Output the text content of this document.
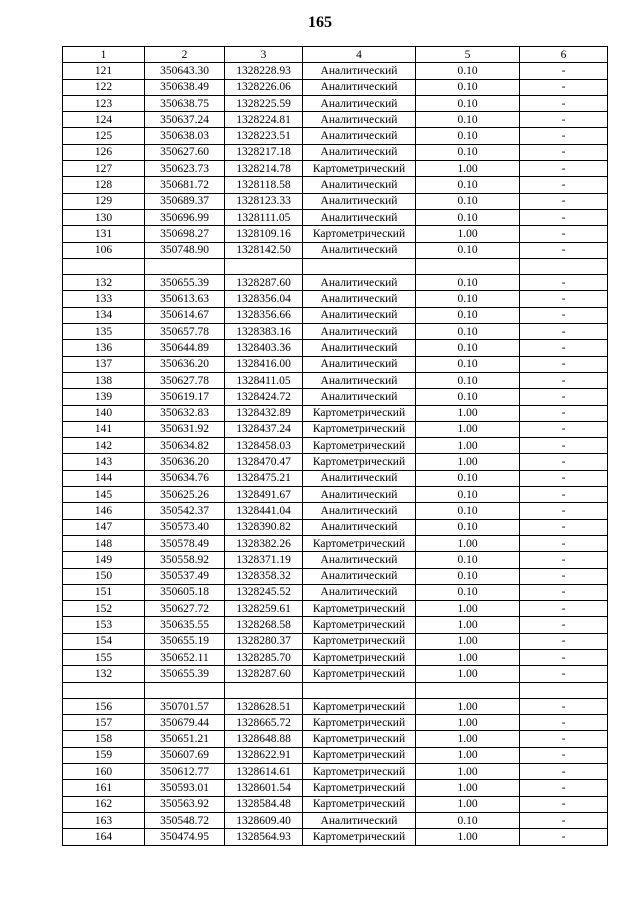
165
1	2	3	4	5	6
121	350643.30	1328228.93	Аналитический	0.10	-
122	350638.49	1328226.06	Аналитический	0.10	-
123	350638.75	1328225.59	Аналитический	0.10	-
124	350637.24	1328224.81	Аналитический	0.10	-
125	350638.03	1328223.51	Аналитический	0.10	-
126	350627.60	1328217.18	Аналитический	0.10	-
127	350623.73	1328214.78	Картометрический	1.00	-
128	350681.72	1328118.58	Аналитический	0.10	-
129	350689.37	1328123.33	Аналитический	0.10	-
130	350696.99	1328111.05	Аналитический	0.10	-
131	350698.27	1328109.16	Картометрический	1.00	-
106	350748.90	1328142.50	Аналитический	0.10	-

132	350655.39	1328287.60	Аналитический	0.10	-
133	350613.63	1328356.04	Аналитический	0.10	-
134	350614.67	1328356.66	Аналитический	0.10	-
135	350657.78	1328383.16	Аналитический	0.10	-
136	350644.89	1328403.36	Аналитический	0.10	-
137	350636.20	1328416.00	Аналитический	0.10	-
138	350627.78	1328411.05	Аналитический	0.10	-
139	350619.17	1328424.72	Аналитический	0.10	-
140	350632.83	1328432.89	Картометрический	1.00	-
141	350631.92	1328437.24	Картометрический	1.00	-
142	350634.82	1328458.03	Картометрический	1.00	-
143	350636.20	1328470.47	Картометрический	1.00	-
144	350634.76	1328475.21	Аналитический	0.10	-
145	350625.26	1328491.67	Аналитический	0.10	-
146	350542.37	1328441.04	Аналитический	0.10	-
147	350573.40	1328390.82	Аналитический	0.10	-
148	350578.49	1328382.26	Картометрический	1.00	-
149	350558.92	1328371.19	Аналитический	0.10	-
150	350537.49	1328358.32	Аналитический	0.10	-
151	350605.18	1328245.52	Аналитический	0.10	-
152	350627.72	1328259.61	Картометрический	1.00	-
153	350635.55	1328268.58	Картометрический	1.00	-
154	350655.19	1328280.37	Картометрический	1.00	-
155	350652.11	1328285.70	Картометрический	1.00	-
132	350655.39	1328287.60	Картометрический	1.00	-

156	350701.57	1328628.51	Картометрический	1.00	-
157	350679.44	1328665.72	Картометрический	1.00	-
158	350651.21	1328648.88	Картометрический	1.00	-
159	350607.69	1328622.91	Картометрический	1.00	-
160	350612.77	1328614.61	Картометрический	1.00	-
161	350593.01	1328601.54	Картометрический	1.00	-
162	350563.92	1328584.48	Картометрический	1.00	-
163	350548.72	1328609.40	Аналитический	0.10	-
164	350474.95	1328564.93	Картометрический	1.00	-
